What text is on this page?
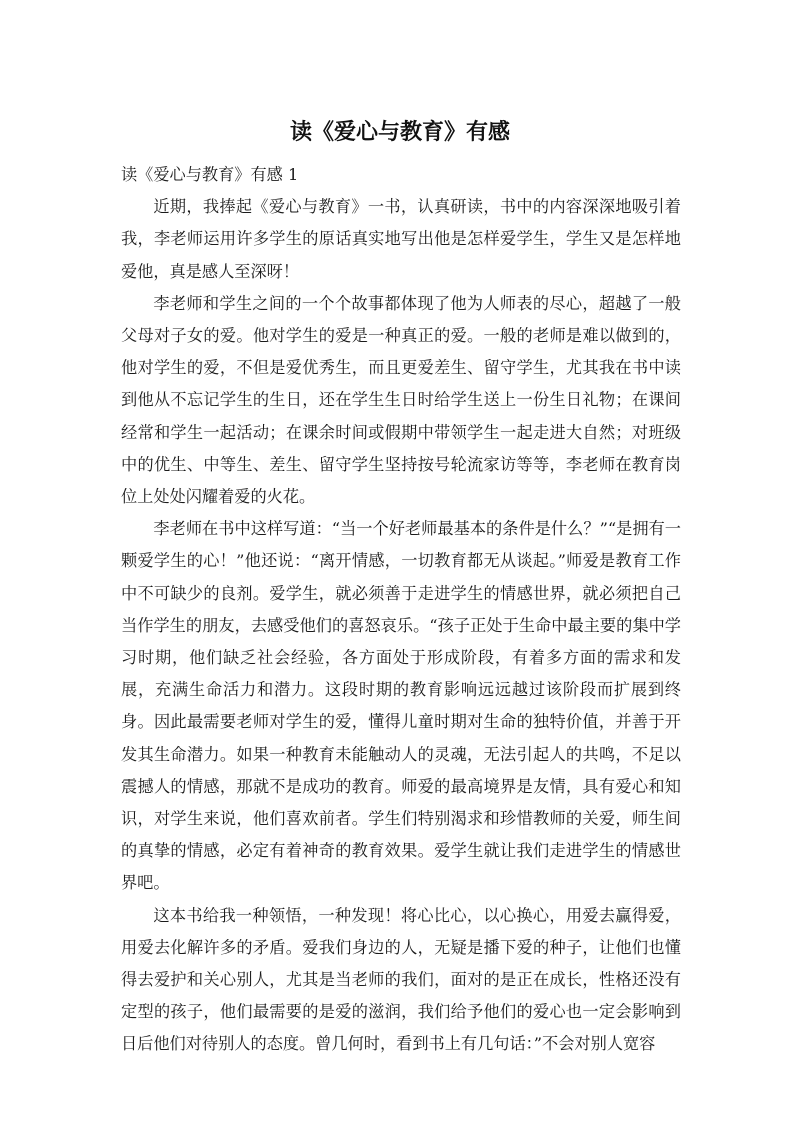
读《爱心与教育》有感

读《爱心与教育》有感 1

近期，我捧起《爱心与教育》一书，认真研读，书中的内容深深地吸引着我，李老师运用许多学生的原话真实地写出他是怎样爱学生，学生又是怎样地爱他，真是感人至深呀！

李老师和学生之间的一个个故事都体现了他为人师表的尽心，超越了一般父母对子女的爱。他对学生的爱是一种真正的爱。一般的老师是难以做到的，他对学生的爱，不但是爱优秀生，而且更爱差生、留守学生，尤其我在书中读到他从不忘记学生的生日，还在学生生日时给学生送上一份生日礼物；在课间经常和学生一起活动；在课余时间或假期中带领学生一起走进大自然；对班级中的优生、中等生、差生、留守学生坚持按号轮流家访等等，李老师在教育岗位上处处闪耀着爱的火花。

李老师在书中这样写道：“当一个好老师最基本的条件是什么？”“是拥有一颗爱学生的心！”他还说：“离开情感，一切教育都无从谈起。”师爱是教育工作中不可缺少的良剂。爱学生，就必须善于走进学生的情感世界，就必须把自己当作学生的朋友，去感受他们的喜怒哀乐。“孩子正处于生命中最主要的集中学习时期，他们缺乏社会经验，各方面处于形成阶段，有着多方面的需求和发展，充满生命活力和潜力。这段时期的教育影响远远越过该阶段而扩展到终身。因此最需要老师对学生的爱，懂得儿童时期对生命的独特价值，并善于开发其生命潜力。如果一种教育未能触动人的灵魂，无法引起人的共鸣，不足以震撼人的情感，那就不是成功的教育。师爱的最高境界是友情，具有爱心和知识，对学生来说，他们喜欢前者。学生们特别渴求和珍惜教师的关爱，师生间的真挚的情感，必定有着神奇的教育效果。爱学生就让我们走进学生的情感世界吧。

这本书给我一种领悟，一种发现！将心比心，以心换心，用爱去赢得爱，用爱去化解许多的矛盾。爱我们身边的人，无疑是播下爱的种子，让他们也懂得去爱护和关心别人，尤其是当老师的我们，面对的是正在成长，性格还没有定型的孩子，他们最需要的是爱的滋润，我们给予他们的爱心也一定会影响到日后他们对待别人的态度。曾几何时，看到书上有几句话：”不会对别人宽容
